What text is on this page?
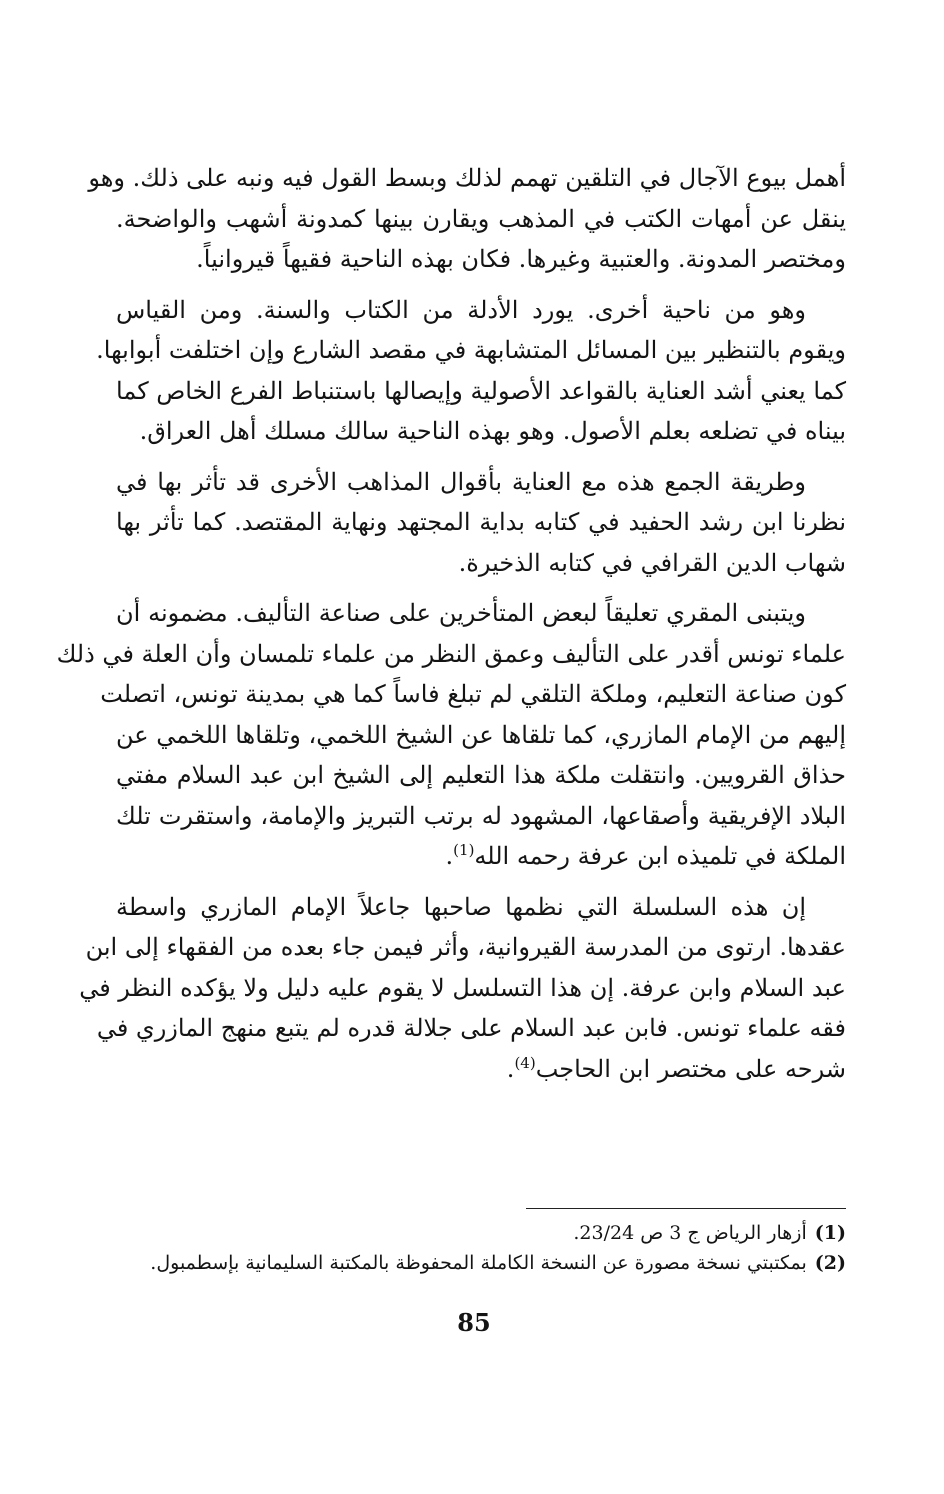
أهمل بيوع الآجال في التلقين تهمم لذلك وبسط القول فيه ونبه على ذلك. وهو
ينقل عن أمهات الكتب في المذهب ويقارن بينها كمدونة أشهب والواضحة.
ومختصر المدونة. والعتبية وغيرها. فكان بهذه الناحية فقيهاً قيروانياً.

وهو من ناحية أخرى. يورد الأدلة من الكتاب والسنة. ومن القياس
ويقوم بالتنظير بين المسائل المتشابهة في مقصد الشارع وإن اختلفت أبوابها.
كما يعني أشد العناية بالقواعد الأصولية وإيصالها باستنباط الفرع الخاص كما
بيناه في تضلعه بعلم الأصول. وهو بهذه الناحية سالك مسلك أهل العراق.

وطريقة الجمع هذه مع العناية بأقوال المذاهب الأخرى قد تأثر بها في
نظرنا ابن رشد الحفيد في كتابه بداية المجتهد ونهاية المقتصد. كما تأثر بها
شهاب الدين القرافي في كتابه الذخيرة.

ويتبنى المقري تعليقاً لبعض المتأخرين على صناعة التأليف. مضمونه أن
علماء تونس أقدر على التأليف وعمق النظر من علماء تلمسان وأن العلة في ذلك
كون صناعة التعليم، وملكة التلقي لم تبلغ فاساً كما هي بمدينة تونس، اتصلت
إليهم من الإمام المازري، كما تلقاها عن الشيخ اللخمي، وتلقاها اللخمي عن
حذاق القرويين. وانتقلت ملكة هذا التعليم إلى الشيخ ابن عبد السلام مفتي
البلاد الإفريقية وأصقاعها، المشهود له برتب التبريز والإمامة، واستقرت تلك
الملكة في تلميذه ابن عرفة رحمه الله$^{(1)}$.

إن هذه السلسلة التي نظمها صاحبها جاعلاً الإمام المازري واسطة
عقدها. ارتوى من المدرسة القيروانية، وأثر فيمن جاء بعده من الفقهاء إلى ابن
عبد السلام وابن عرفة. إن هذا التسلسل لا يقوم عليه دليل ولا يؤكده النظر في
فقه علماء تونس. فابن عبد السلام على جلالة قدره لم يتبع منهج المازري في
شرحه على مختصر ابن الحاجب$^{(4)}$.

(1)أزهار الرياض ج 3 ص 23/24.
(2)بمكتبتي نسخة مصورة عن النسخة الكاملة المحفوظة بالمكتبة السليمانية بإسطمبول.
85
